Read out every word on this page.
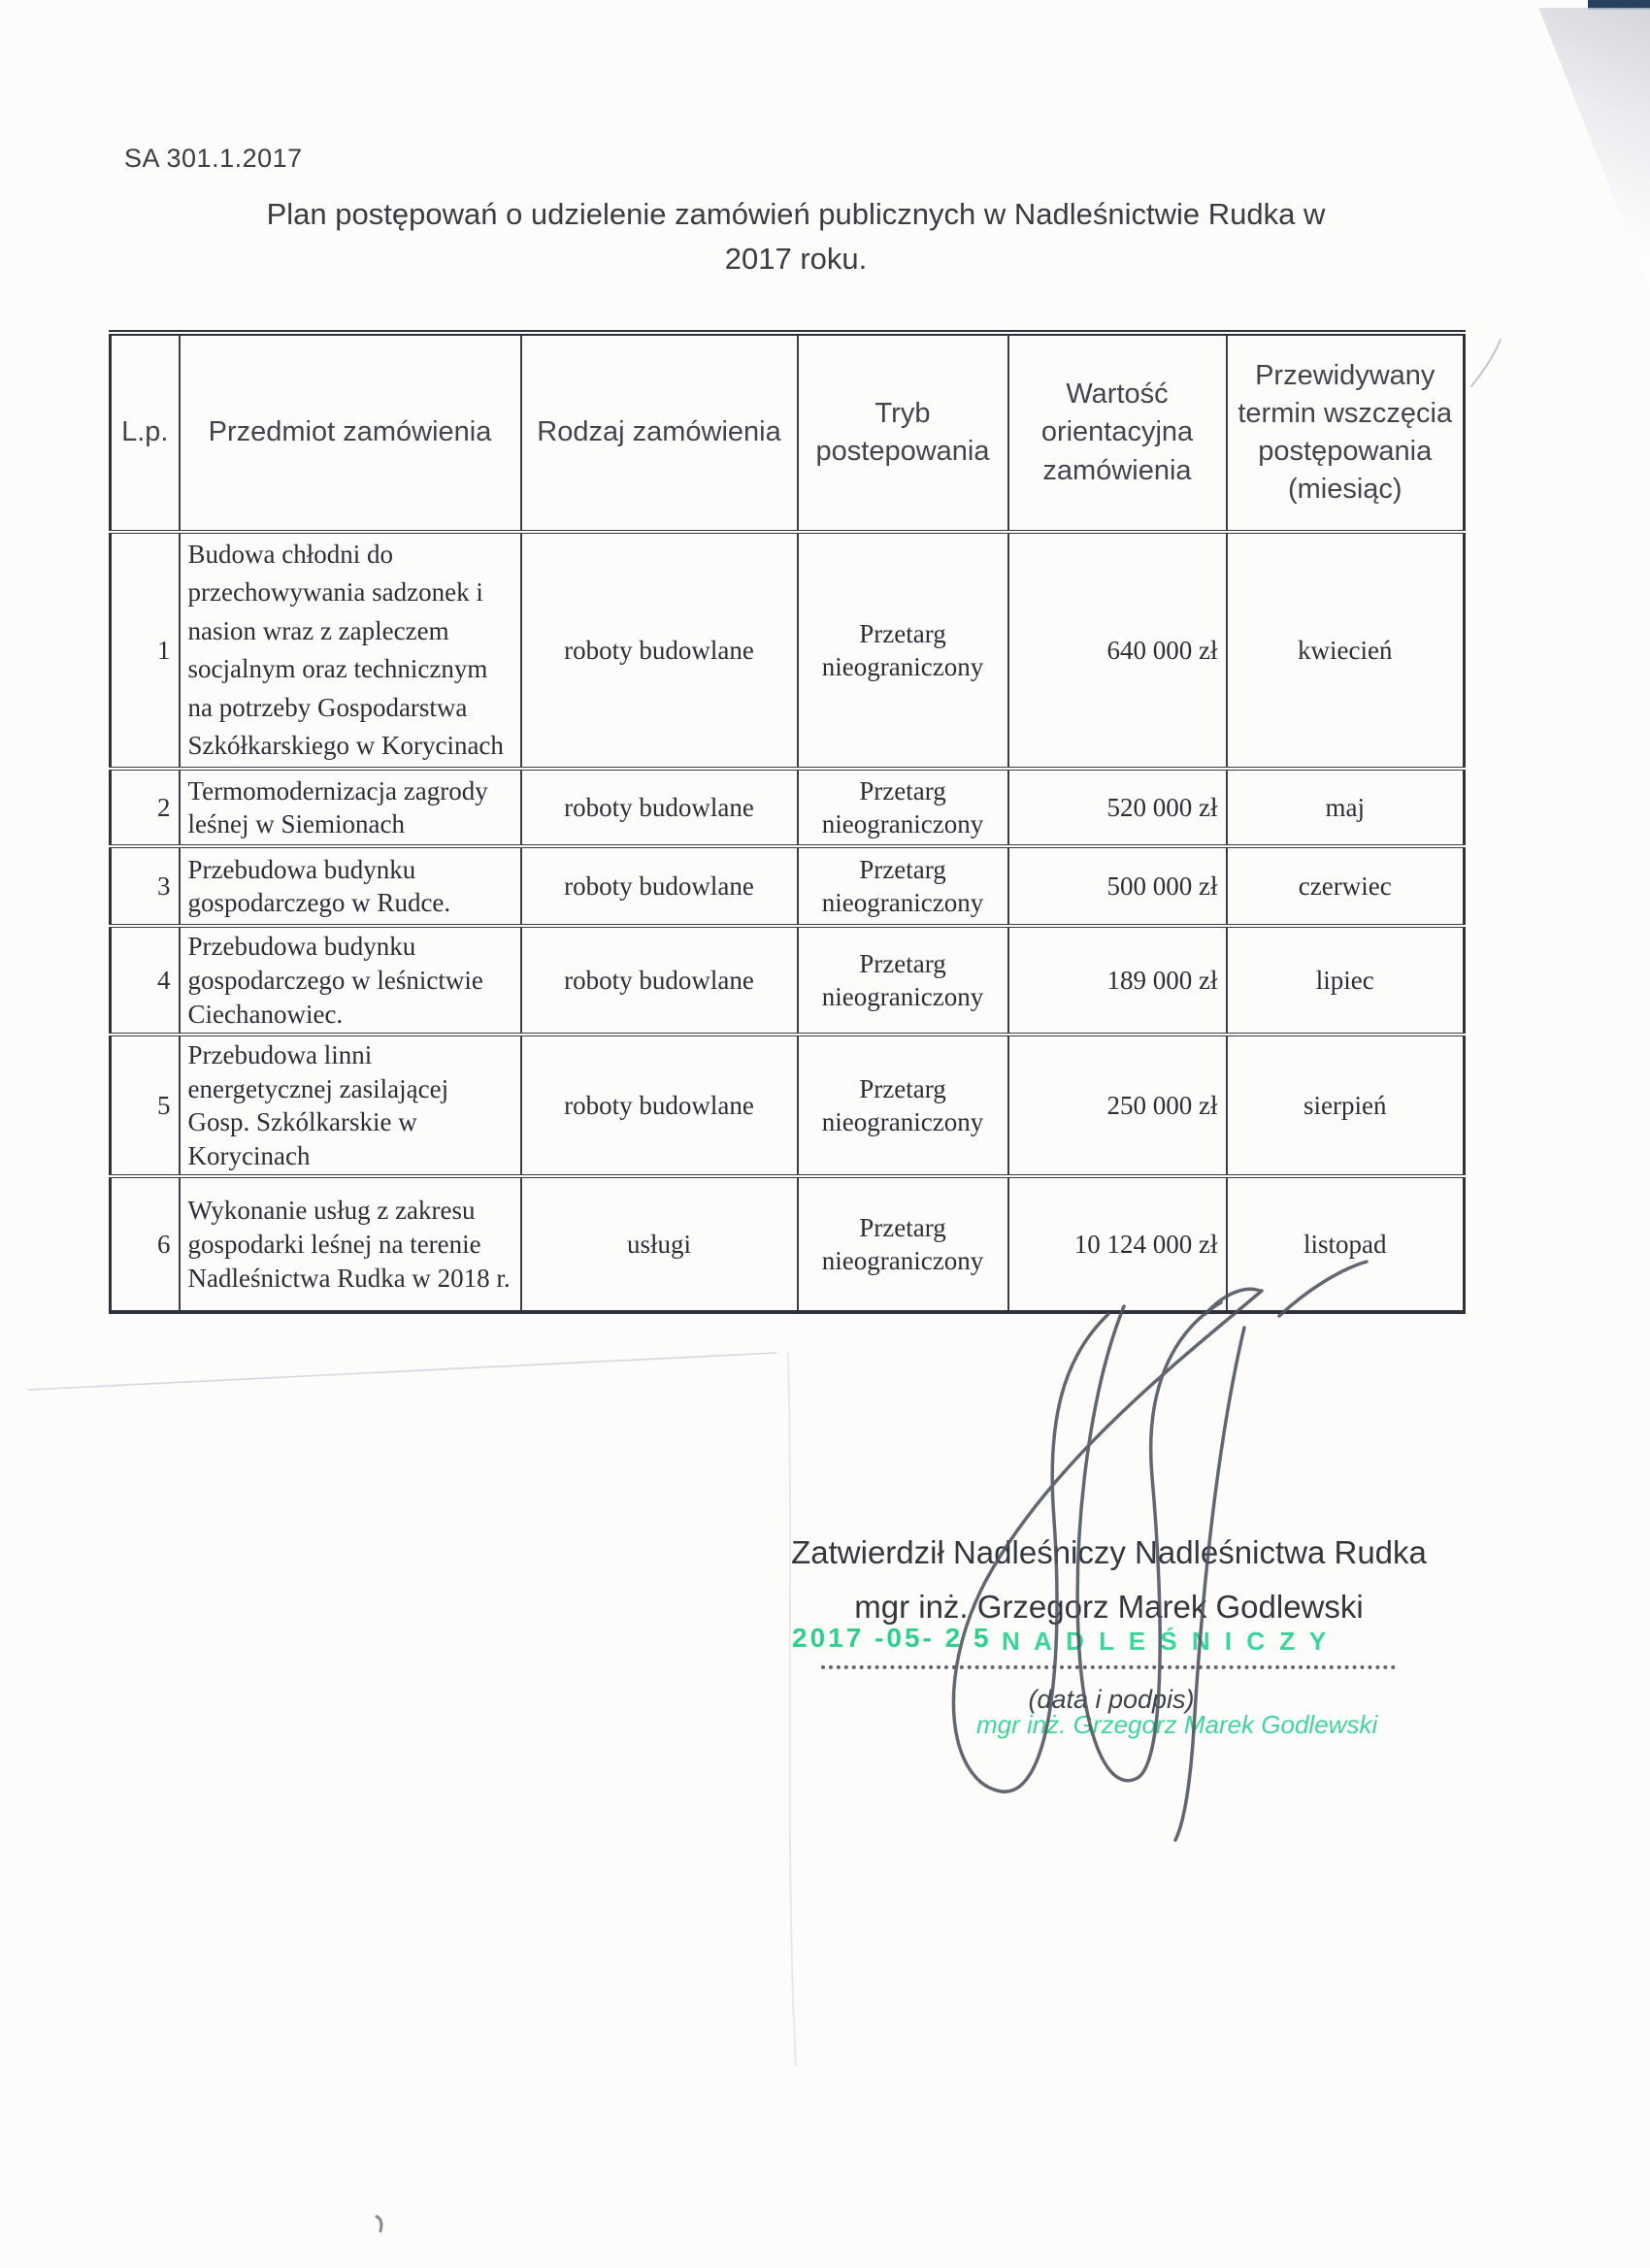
SA 301.1.2017
Plan postępowań o udzielenie zamówień publicznych w Nadleśnictwie Rudka w
2017 roku.
L.p.	Przedmiot zamówienia	Rodzaj zamówienia	Tryb postepowania	Wartość orientacyjna zamówienia	Przewidywany termin wszczęcia postępowania (miesiąc)
1	Budowa chłodni do przechowywania sadzonek i nasion wraz z zapleczem socjalnym oraz technicznym na potrzeby Gospodarstwa Szkółkarskiego w Korycinach	roboty budowlane	Przetarg nieograniczony	640 000 zł	kwiecień
2	Termomodernizacja zagrody leśnej w Siemionach	roboty budowlane	Przetarg nieograniczony	520 000 zł	maj
3	Przebudowa budynku gospodarczego w Rudce.	roboty budowlane	Przetarg nieograniczony	500 000 zł	czerwiec
4	Przebudowa budynku gospodarczego w leśnictwie Ciechanowiec.	roboty budowlane	Przetarg nieograniczony	189 000 zł	lipiec
5	Przebudowa linni energetycznej zasilającej Gosp. Szkólkarskie w Korycinach	roboty budowlane	Przetarg nieograniczony	250 000 zł	sierpień
6	Wykonanie usług z zakresu gospodarki leśnej na terenie Nadleśnictwa Rudka w 2018 r.	usługi	Przetarg nieograniczony	10 124 000 zł	listopad
Zatwierdził Nadleśniczy Nadleśnictwa Rudka
mgr inż. Grzegorz Marek Godlewski
2017 -05- 2 5 N A D L E Ś N I C Z Y
(data i podpis)
mgr inż. Grzegorz Marek Godlewski
